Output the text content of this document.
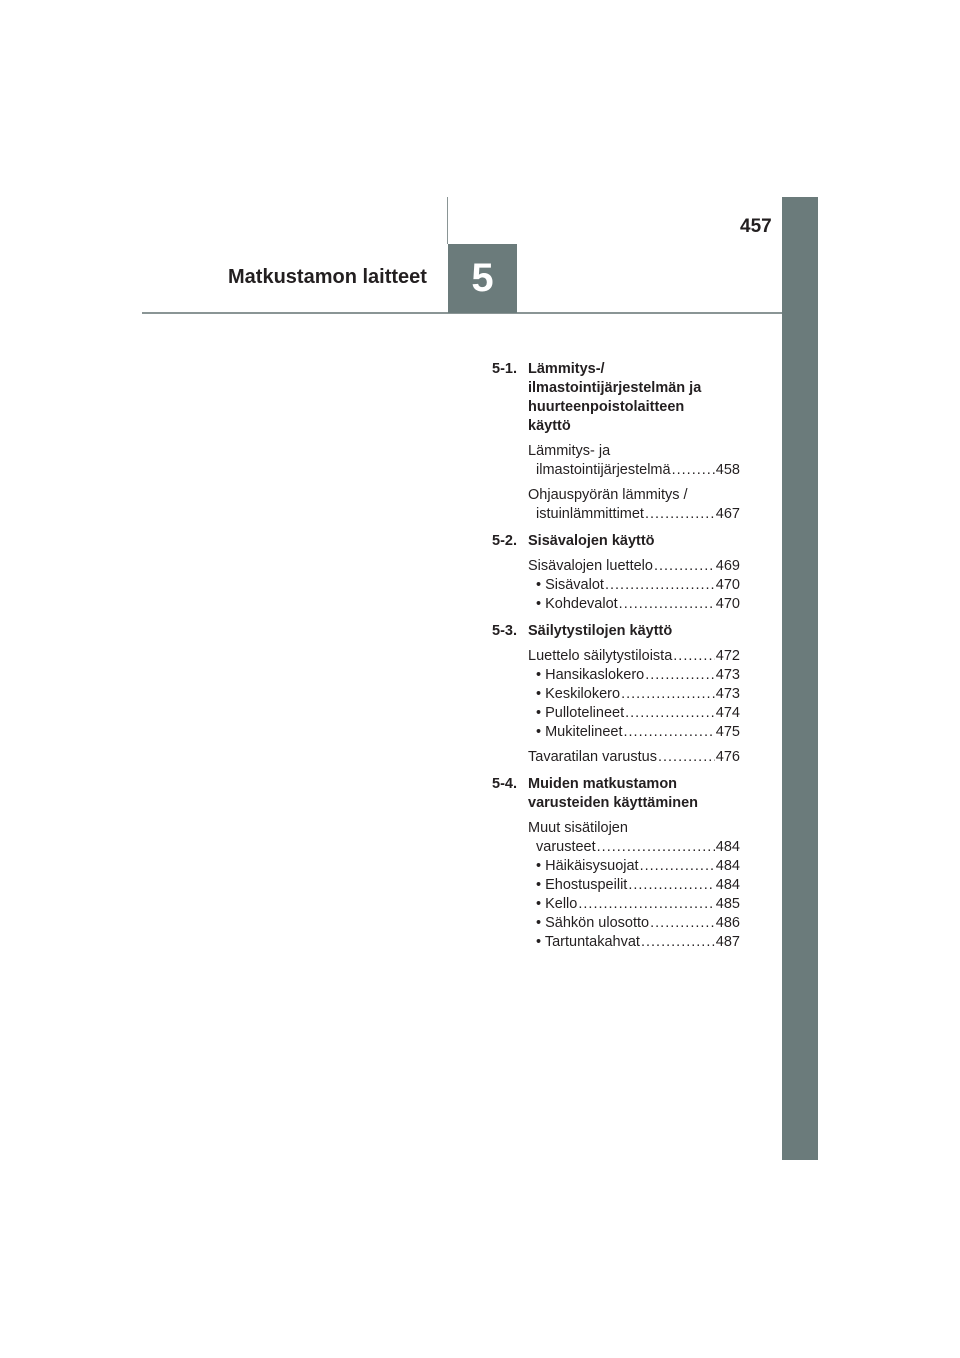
5
Matkustamon laitteet
457
5-1. Lämmitys-/
ilmastointijärjestelmän ja
huurteenpoistolaitteen
käyttö
Lämmitys- ja
ilmastointijärjestelmä .....	458
Ohjauspyörän lämmitys /
istuinlämmittimet .....	467
5-2. Sisävalojen käyttö
Sisävalojen luettelo .....	469
• Sisävalot .....	470
• Kohdevalot .....	470
5-3. Säilytystilojen käyttö
Luettelo säilytystiloista .....	472
• Hansikaslokero .....	473
• Keskilokero .....	473
• Pullotelineet .....	474
• Mukitelineet .....	475
Tavaratilan varustus .....	476
5-4. Muiden matkustamon
varusteiden käyttäminen
Muut sisätilojen
varusteet .....	484
• Häikäisysuojat .....	484
• Ehostuspeilit .....	484
• Kello .....	485
• Sähkön ulosotto .....	486
• Tartuntakahvat .....	487
